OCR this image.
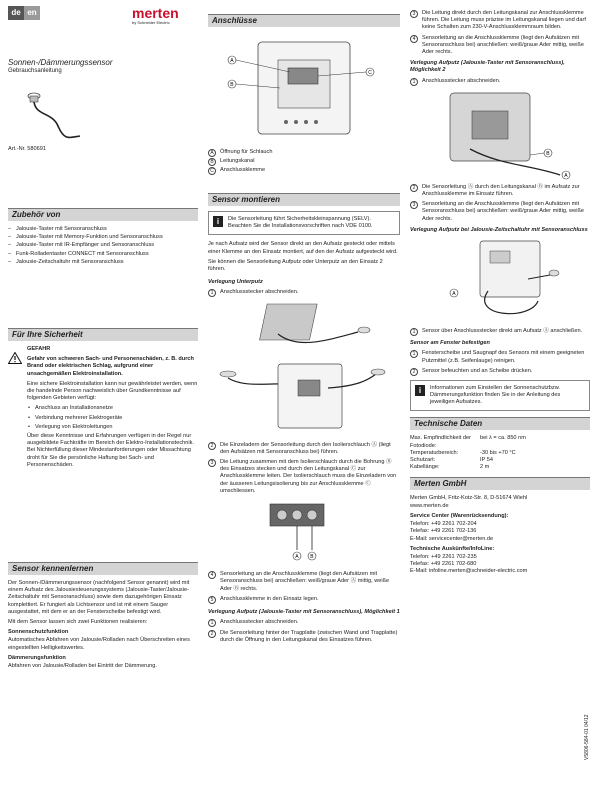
de en	merten
by Schneider Electric
Sonnen-/Dämmerungssensor
Gebrauchsanleitung
Art.-Nr. 580691
Zubehör von
– Jalousie-Taster mit Sensoranschluss
– Jalousie-Taster mit Memory-Funktion und Sensoranschluss
– Jalousie-Taster mit IR-Empfänger und Sensoranschluss
– Funk-Rolladentaster CONNECT mit Sensoranschluss
– Jalousie-Zeitschaltuhr mit Sensoranschluss
Für Ihre Sicherheit

GEFAHR

Gefahr von schweren Sach- und Personenschäden, z. B. durch Brand oder elektrischen Schlag, aufgrund einer unsachgemäßen Elektroinstallation.

Eine sichere Elektroinstallation kann nur gewährleistet werden, wenn die handelnde Person nachweislich über Grundkenntnisse auf folgenden Gebieten verfügt:

• Anschluss an Installationsnetze
• Verbindung mehrerer Elektrogeräte
• Verlegung von Elektroleitungen

Über diese Kenntnisse und Erfahrungen verfügen in der Regel nur ausgebildete Fachkräfte im Bereich der Elektro-Installationstechnik. Bei Nichterfüllung dieser Mindestanforderungen oder Missachtung droht für Sie die persönliche Haftung bei Sach- und Personenschäden.

Sensor kennenlernen

Der Sonnen-/Dämmerungssensor (nachfolgend Sensor genannt) wird mit einem Aufsatz des Jalousiesteuerungssystems (Jalousie-Taster/Jalousie-Zeitschaltuhr mit Sensoranschluss) sowie dem dazugehörigen Einsatz komplettiert. Er fungiert als Lichtsensor und ist mit einem Sauger ausgestattet, mit dem er an der Fensterscheibe befestigt wird.

Mit dem Sensor lassen sich zwei Funktionen realisieren:

Sonnenschutzfunktion

Automatisches Abfahren von Jalousie/Rolladen nach Überschreiten eines eingestellten Helligkeitswertes.

Dämmerungsfunktion

Abfahren von Jalousie/Rolladen bei Eintritt der Dämmerung.

Anschlüsse
A
B
C
A	Öffnung für Schlauch
B	Leitungskanal
C	Anschlussklemme
Sensor montieren
i	Die Sensorleitung führt Sicherheitskleinspannung (SELV). Beachten Sie die Installationsvorschriften nach VDE 0100.

Je nach Aufsatz wird der Sensor direkt an den Aufsatz gesteckt oder mittels einer Klemme an den Einsatz montiert, auf den der Aufsatz aufgesteckt wird.

Sie können die Sensorleitung Aufputz oder Unterputz an den Einsatz 2 führen.

Verlegung Unterputz

1	Anschlussstecker abschneiden.
2	Die Einzeladern der Sensorleitung durch den Isolierschlauch Ⓐ (liegt den Aufsätzen mit Sensoranschluss bei) führen.
3	Die Leitung zusammen mit dem Isolierschlauch durch die Bohrung Ⓑ des Einsatzes stecken und durch den Leitungskanal Ⓒ zur Anschlussklemme leiten. Der Isolierschlauch muss die Einzeladern von der äusseren Leitungsisolierung bis zur Anschlussklemme Ⓒ umschliessen.
A B
4	Sensorleitung an die Anschlussklemme (liegt den Aufsätzen mit Sensoranschluss bei) anschließen: weiß/graue Ader Ⓐ mittig, weiße Ader Ⓑ rechts.
5	Anschlussklemme in den Einsatz legen.

Verlegung Aufputz (Jalousie-Taster mit Sensoranschluss), Möglichkeit 1

1	Anschlussstecker abschneiden.
2	Die Sensorleitung hinter der Tragplatte (zwischen Wand und Tragplatte) durch die Öffnung in den Leitungskanal des Einsatzes führen.
3	Die Leitung direkt durch den Leitungskanal zur Anschlussklemme führen. Die Leitung muss präzise im Leitungskanal liegen und darf keine Schalten zum 230-V-Anschlussklemmraum bilden.
4	Sensorleitung an die Anschlussklemme (liegt den Aufsätzen mit Sensoranschluss bei) anschließen: weiß/graue Ader mittig, weiße Ader rechts.

Verlegung Aufputz (Jalousie-Taster mit Sensoranschluss), Möglichkeit 2

1	Anschlussstecker abschneiden.
B
A
2	Die Sensorleitung Ⓐ durch den Leitungskanal Ⓑ im Aufsatz zur Anschlussklemme im Einsatz führen.
3	Sensorleitung an die Anschlussklemme (liegt den Aufsätzen mit Sensoranschluss bei) anschließen: weiß/graue Ader mittig, weiße Ader rechts.

Verlegung Aufputz bei Jalousie-Zeitschaltuhr mit Sensoranschluss

A
1	Sensor über Anschlussstecker direkt am Aufsatz Ⓐ anschließen.

Sensor am Fenster befestigen

1	Fensterscheibe und Saugnapf des Sensors mit einem geeigneten Putzmittel (z.B. Seifenlauge) reinigen.
2	Sensor befeuchten und an Scheibe drücken.
i	Informationen zum Einstellen der Sonnenschutzbzw. Dämmerungsfunktion finden Sie in der Anleitung des jeweiligen Aufsatzes.
Technische Daten
Max. Empfindlichkeit der Fotodiode:
bei λ = ca. 850 nm
Temperaturbereich:	-30 bis +70 °C
Schutzart:	IP 54
Kabellänge:	2 m
Merten GmbH

Merten GmbH, Fritz-Kotz-Str. 8, D-51674 Wiehl

www.merten.de

Service Center (Warenrücksendung):

Telefon: +49 2261 702-204
Telefax: +49 2261 702-136
E-Mail: servicecenter@merten.de

Technische Auskünfte/InfoLine:

Telefon: +49 2261 702-235
Telefax: +49 2261 702-680
E-Mail: infoline.merten@schneider-electric.com
V5806-584-01 04/12
